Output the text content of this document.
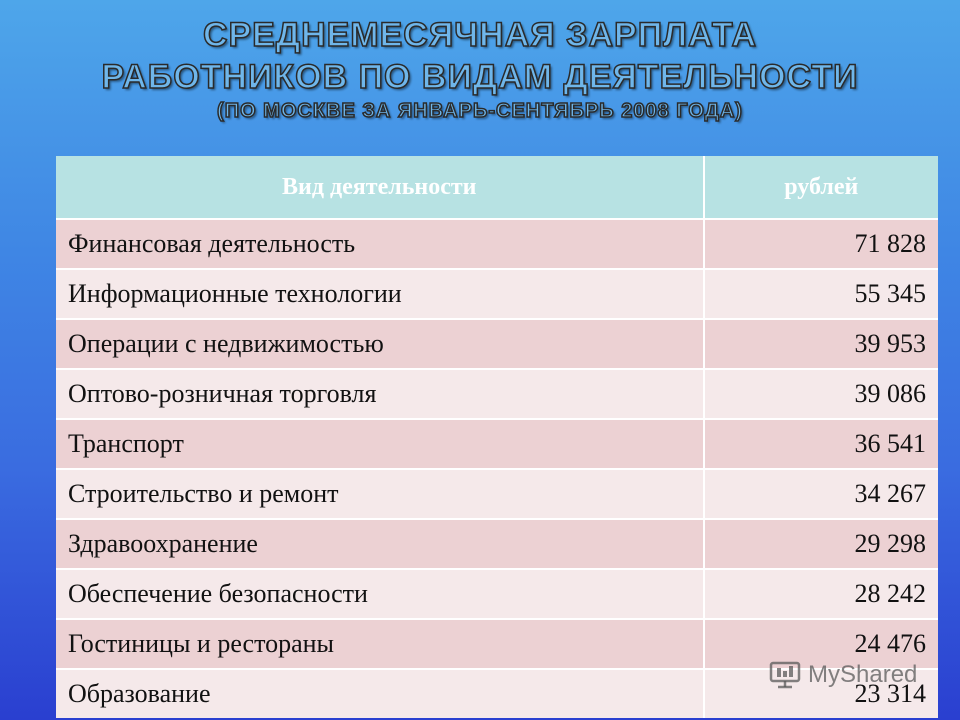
СРЕДНЕМЕСЯЧНАЯ ЗАРПЛАТА
РАБОТНИКОВ ПО ВИДАМ ДЕЯТЕЛЬНОСТИ
(ПО МОСКВЕ ЗА ЯНВАРЬ-СЕНТЯБРЬ 2008 ГОДА)
Вид деятельности	рублей
Финансовая деятельность	71 828
Информационные технологии	55 345
Операции с недвижимостью	39 953
Оптово-розничная торговля	39 086
Транспорт	36 541
Строительство и ремонт	34 267
Здравоохранение	29 298
Обеспечение безопасности	28 242
Гостиницы и рестораны	24 476
Образование	23 314
MyShared
